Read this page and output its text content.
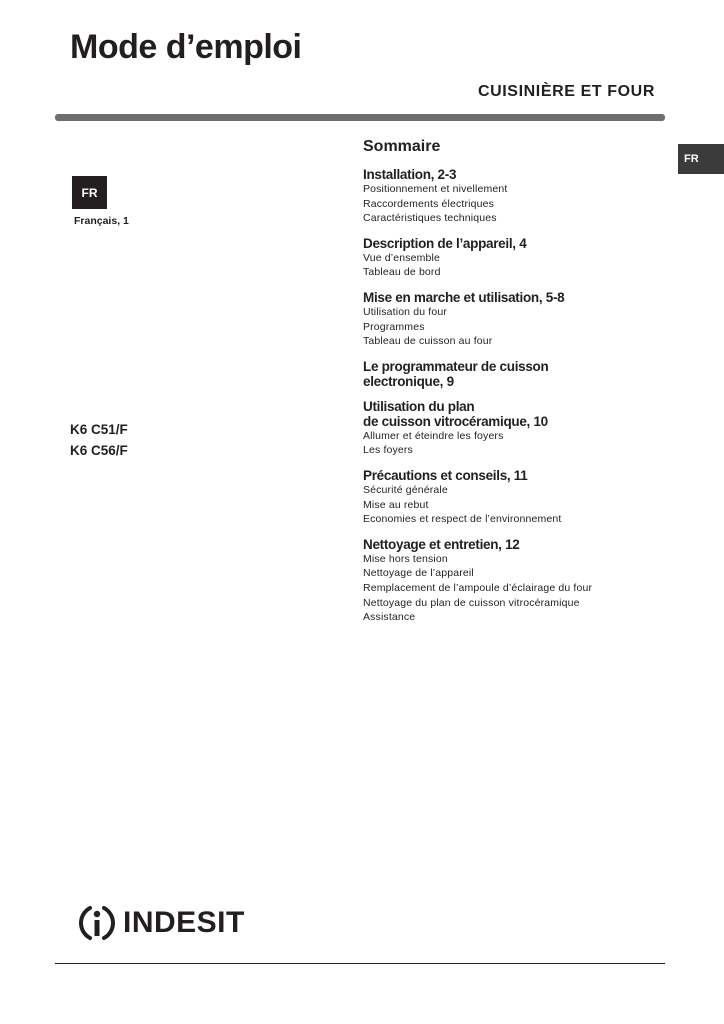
Mode d’emploi
CUISINIÈRE ET FOUR
FR
FR
Français, 1
K6 C51/F
K6 C56/F
Sommaire
Installation, 2-3
Positionnement et nivellement
Raccordements électriques
Caractéristiques techniques
Description de l’appareil, 4
Vue d’ensemble
Tableau de bord
Mise en marche et utilisation, 5-8
Utilisation du four
Programmes
Tableau de cuisson au four
Le programmateur de cuisson
electronique, 9
Utilisation du plan
de cuisson vitrocéramique, 10
Allumer et éteindre les foyers
Les foyers
Précautions et conseils, 11
Sécurité générale
Mise au rebut
Economies et respect de l’environnement
Nettoyage et entretien, 12
Mise hors tension
Nettoyage de l’appareil
Remplacement de l’ampoule d’éclairage du four
Nettoyage du plan de cuisson vitrocéramique
Assistance
INDESIT
